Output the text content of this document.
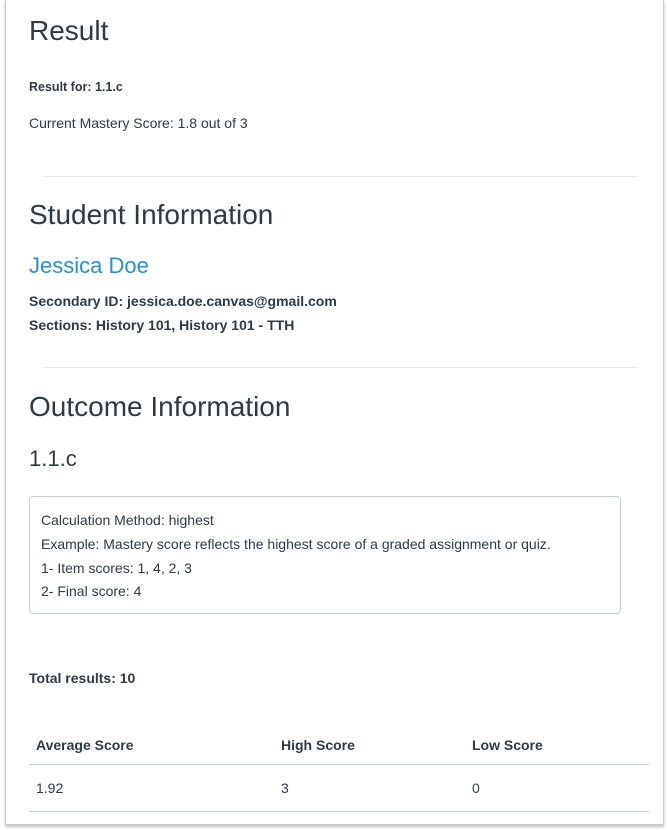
Result
Result for: 1.1.c
Current Mastery Score: 1.8 out of 3
Student Information
Jessica Doe
Secondary ID: jessica.doe.canvas@gmail.com
Sections: History 101, History 101 - TTH
Outcome Information
1.1.c
Calculation Method: highest
Example: Mastery score reflects the highest score of a graded assignment or quiz.
1- Item scores: 1, 4, 2, 3
2- Final score: 4
Total results: 10
Average Score	High Score	Low Score
1.92	3	0
